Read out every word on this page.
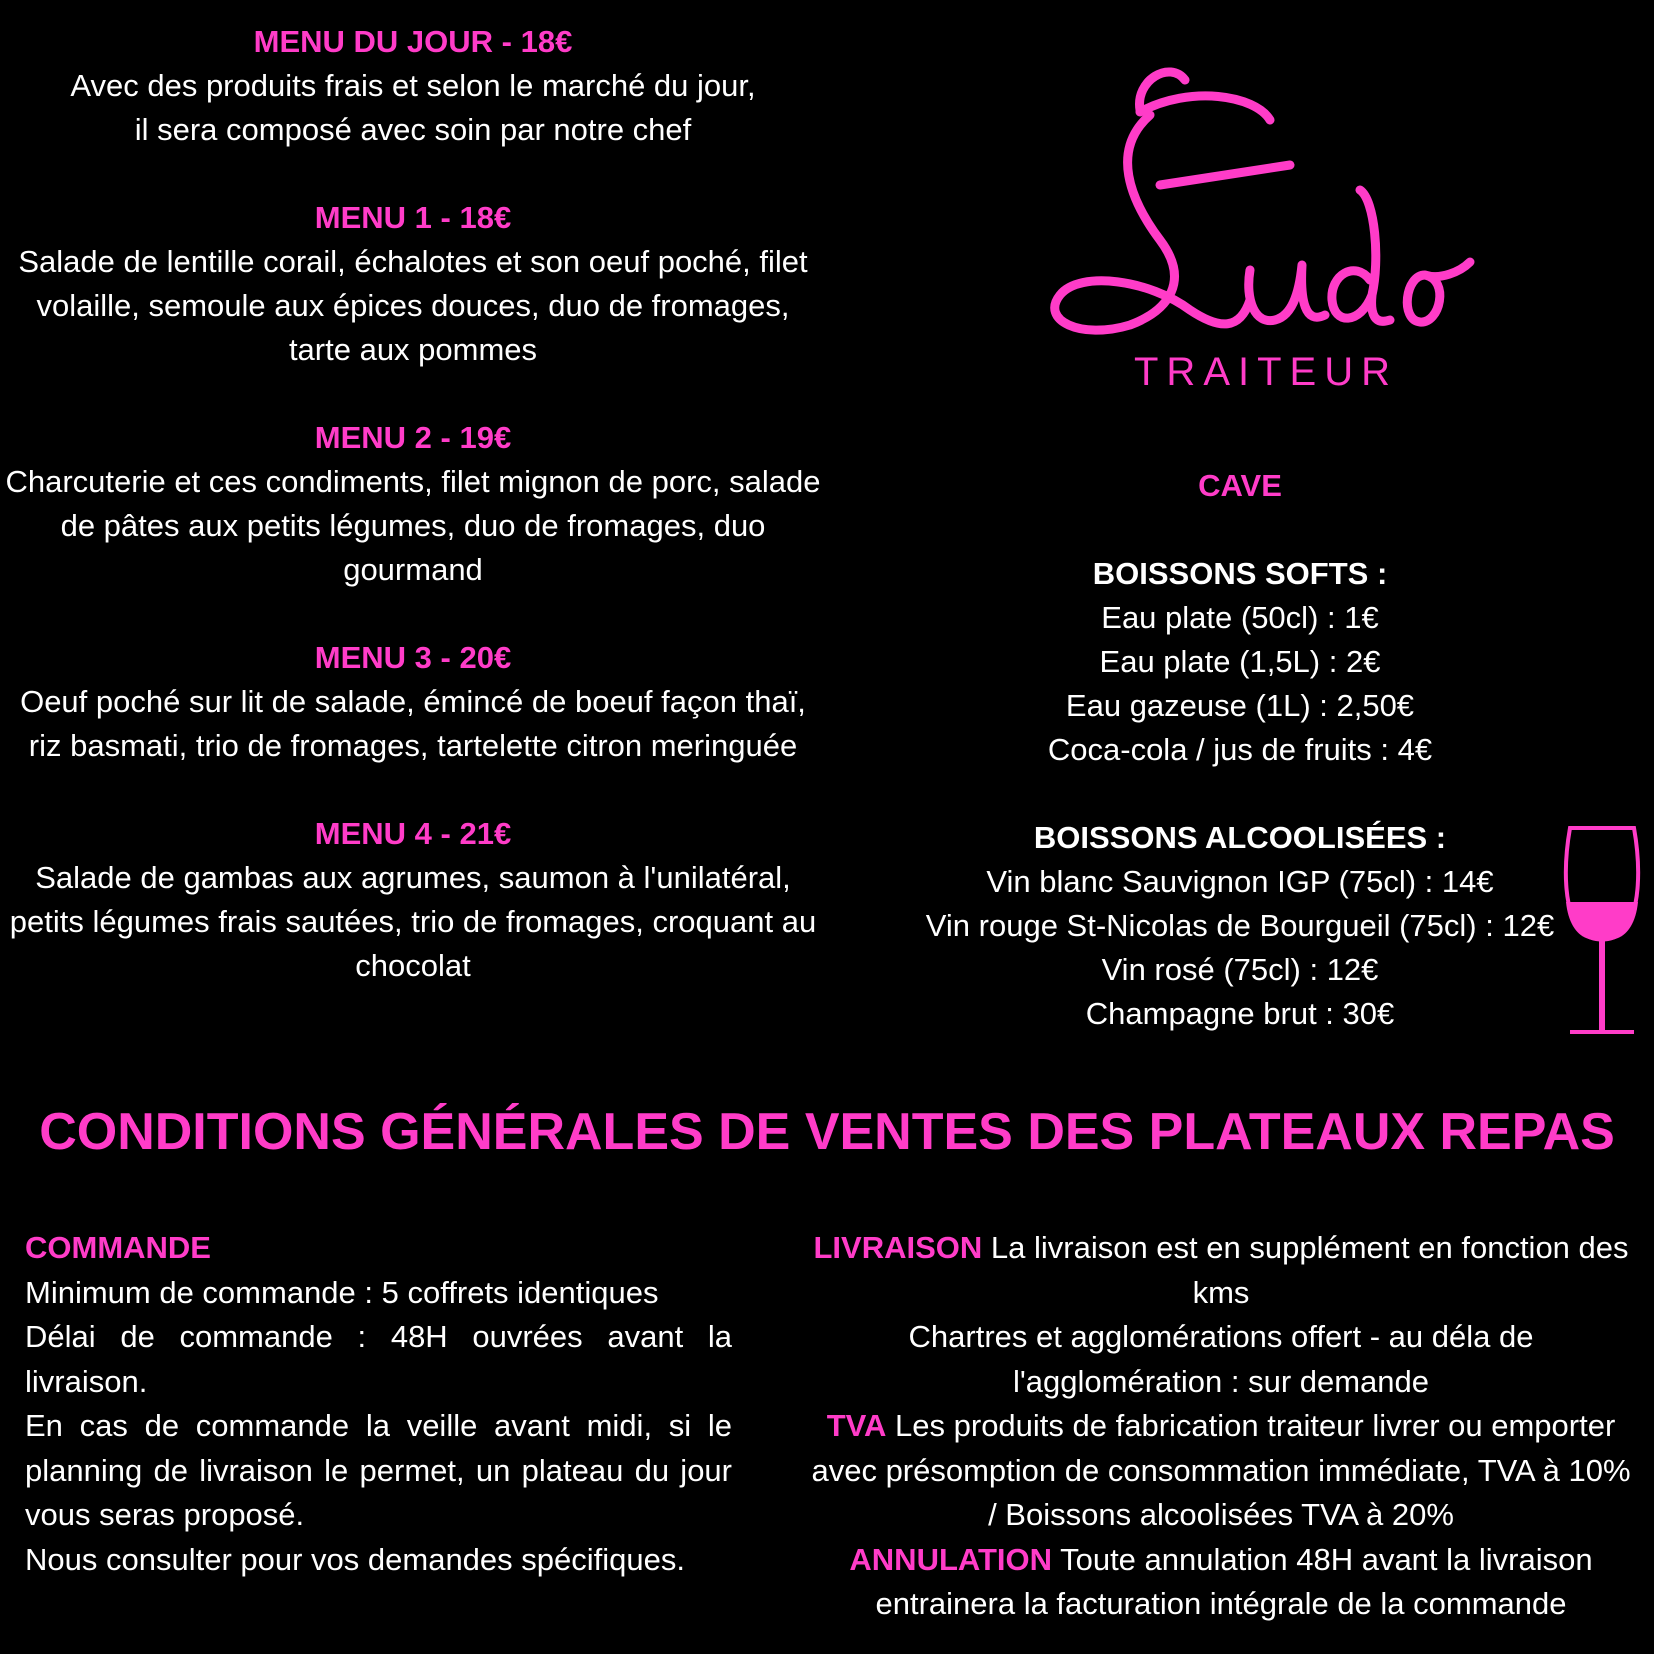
MENU DU JOUR - 18€
Avec des produits frais et selon le marché du jour, il sera composé avec soin par notre chef
MENU 1 - 18€
Salade de lentille corail, échalotes et son oeuf poché, filet volaille, semoule aux épices douces, duo de fromages, tarte aux pommes
MENU 2 - 19€
Charcuterie et ces condiments, filet mignon de porc, salade de pâtes aux petits légumes, duo de fromages, duo gourmand
MENU 3 - 20€
Oeuf poché sur lit de salade, émincé de boeuf façon thaï, riz basmati, trio de fromages, tartelette citron meringuée
MENU 4 - 21€
Salade de gambas aux agrumes, saumon à l'unilatéral, petits légumes frais sautées, trio de fromages, croquant au chocolat
TRAITEUR
CAVE
BOISSONS SOFTS :
Eau plate (50cl) : 1€
Eau plate (1,5L) : 2€
Eau gazeuse (1L) : 2,50€
Coca-cola / jus de fruits : 4€
BOISSONS ALCOOLISÉES :
Vin blanc Sauvignon IGP (75cl) : 14€
Vin rouge St-Nicolas de Bourgueil (75cl) : 12€
Vin rosé (75cl) : 12€
Champagne brut : 30€
CONDITIONS GÉNÉRALES DE VENTES DES PLATEAUX REPAS
COMMANDE
Minimum de commande : 5 coffrets identiques
Délai de commande : 48H ouvrées avant la livraison.
En cas de commande la veille avant midi, si le planning de livraison le permet, un plateau du jour vous seras proposé.
Nous consulter pour vos demandes spécifiques.
LIVRAISON La livraison est en supplément en fonction des kms
Chartres et agglomérations offert - au déla de l'agglomération : sur demande
TVA Les produits de fabrication traiteur livrer ou emporter avec présomption de consommation immédiate, TVA à 10% / Boissons alcoolisées TVA à 20%
ANNULATION Toute annulation 48H avant la livraison entrainera la facturation intégrale de la commande
